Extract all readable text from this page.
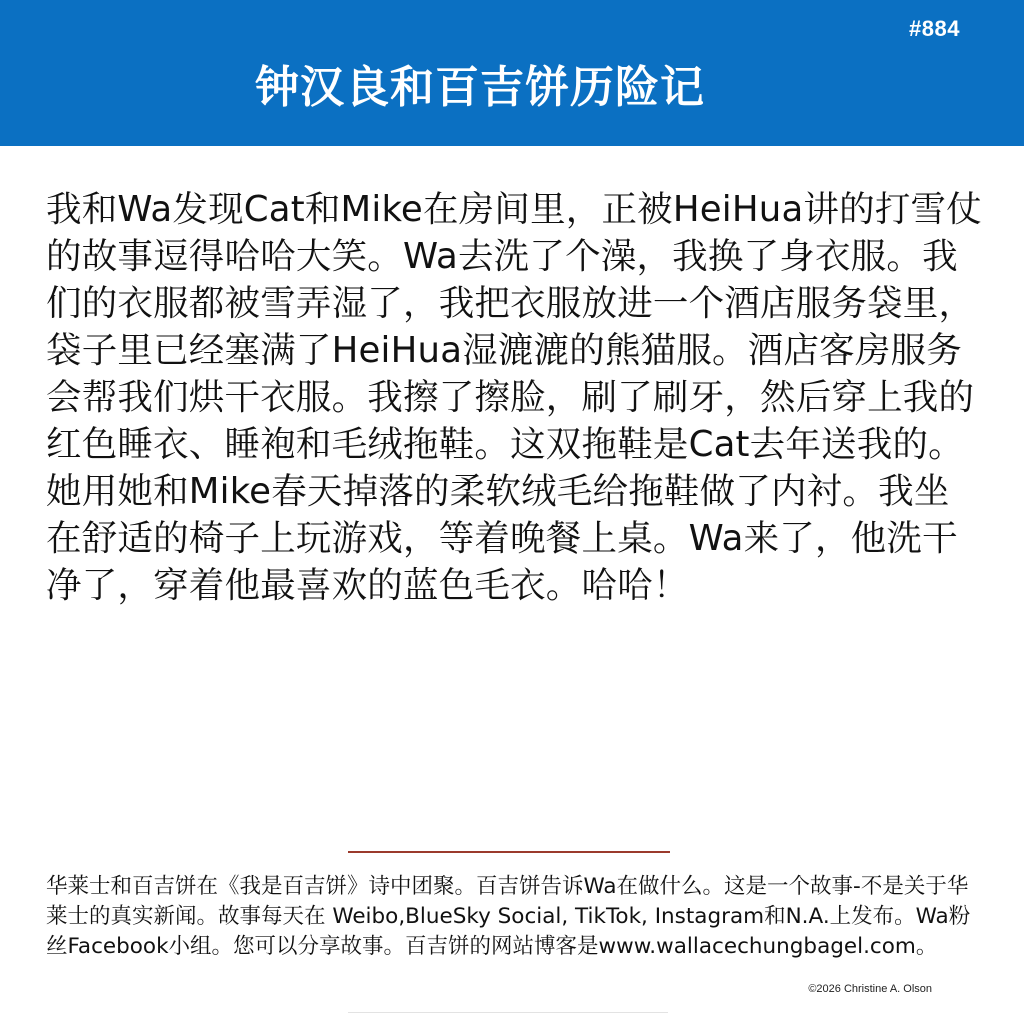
#884
钟汉良和百吉饼历险记

我和Wa发现Cat和Mike在房间里，正被HeiHua讲的打雪仗的故事逗得哈哈大笑。Wa去洗了个澡，我换了身衣服。我们的衣服都被雪弄湿了，我把衣服放进一个酒店服务袋里，袋子里已经塞满了HeiHua湿漉漉的熊猫服。酒店客房服务会帮我们烘干衣服。我擦了擦脸，刷了刷牙，然后穿上我的红色睡衣、睡袍和毛绒拖鞋。这双拖鞋是Cat去年送我的。她用她和Mike春天掉落的柔软绒毛给拖鞋做了内衬。我坐在舒适的椅子上玩游戏，等着晚餐上桌。Wa来了，他洗干净了，穿着他最喜欢的蓝色毛衣。哈哈！

华莱士和百吉饼在《我是百吉饼》诗中团聚。百吉饼告诉Wa在做什么。这是一个故事-不是关于华莱士的真实新闻。故事每天在 Weibo,BlueSky Social, TikTok, Instagram和N.A.上发布。Wa粉丝Facebook小组。您可以分享故事。百吉饼的网站博客是www.wallacechungbagel.com。

©2026 Christine A. Olson
